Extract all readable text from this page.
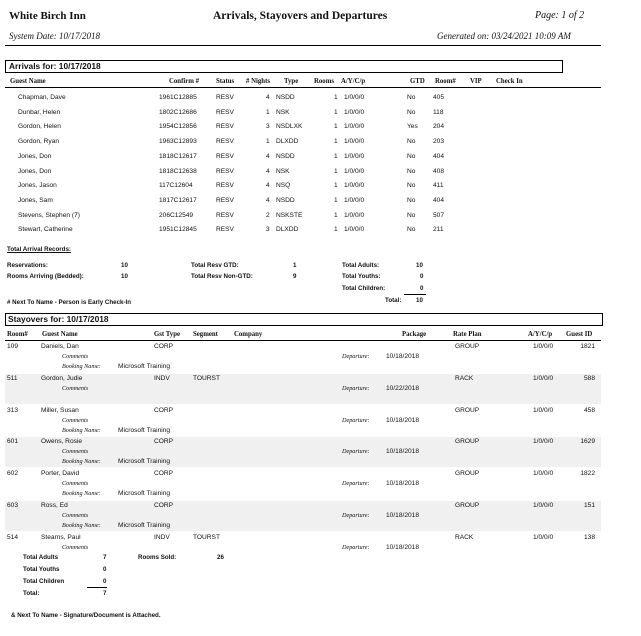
White Birch Inn	Arrivals, Stayovers and Departures	Page: 1 of 2
System Date: 10/17/2018	Generated on: 03/24/2021 10:09 AM
Arrivals for: 10/17/2018
Guest Name	Confirm # Status # Nights Type Rooms A/Y/C/p	GTD Room# VIP Check In
Chapman, Dave	1961C12885	RESV	4 NSDD	1 1/0/0/0	No	405
Dunbar, Helen	1802C12686	RESV	1 NSK	1 1/0/0/0	No	118
Gordon, Helen	1954C12856	RESV	3 NSDLXK	1 1/0/0/0	Yes 204
Gordon, Ryan	1963C12893	RESV	1 DLXDD	1 1/0/0/0	No	203
Jones, Don	1818C12617	RESV	4 NSDD	1 1/0/0/0	No	404
Jones, Don	1818C12638	RESV	4 NSK	1 1/0/0/0	No	408
Jones, Jason	117C12604	RESV	4 NSQ	1 1/0/0/0	No	411
Jones, Sam	1817C12617	RESV	4 NSDD	1 1/0/0/0	No	404
Stevens, Stephen (7)	206C12549	RESV	2 NSKSTE	1 1/0/0/0	No	507
Stewart, Catherine	1951C12845	RESV	3 DLXDD	1 1/0/0/0	No	211
Total Arrival Records:
Reservations:	10
Rooms Arriving (Bedded):	10
Total Resv GTD:	1
Total Resv Non-GTD:	9
Total Adults:	10
Total Youths:	0
Total Children:	0
Total: 10
# Next To Name - Person is Early Check-In
Stayovers for: 10/17/2018
Room# Guest Name	Gst Type Segment Company	Package	Rate Plan	A/Y/C/p Guest ID
109	Daniels, Dan	CORP
Comments	Departure: 10/18/2018
GROUP	1/0/0/0	1821
Booking Name:	Microsoft Training
511	Gordon, Judie	INDV	TOURST
Comments	Departure: 10/22/2018
RACK	1/0/0/0	588
313	Miller, Susan	CORP
Comments	Departure: 10/18/2018
GROUP	1/0/0/0	458
Booking Name:	Microsoft Training
601	Owens, Rosie	CORP
Comments	Departure: 10/18/2018
GROUP	1/0/0/0	1629
Booking Name:	Microsoft Training
602	Porter, David	CORP
Comments	Departure: 10/18/2018
GROUP	1/0/0/0	1822
Booking Name:	Microsoft Training
603	Ross, Ed	CORP
Comments	Departure: 10/18/2018
GROUP	1/0/0/0	151
Booking Name:	Microsoft Training
514	Stearns, Paul	INDV	TOURST
Comments	Departure: 10/18/2018
RACK	1/0/0/0	138
Total Adults	7
Total Youths	0
Total Children	0
Total:	7
Rooms Sold:	26
& Next To Name - Signature/Document is Attached.
